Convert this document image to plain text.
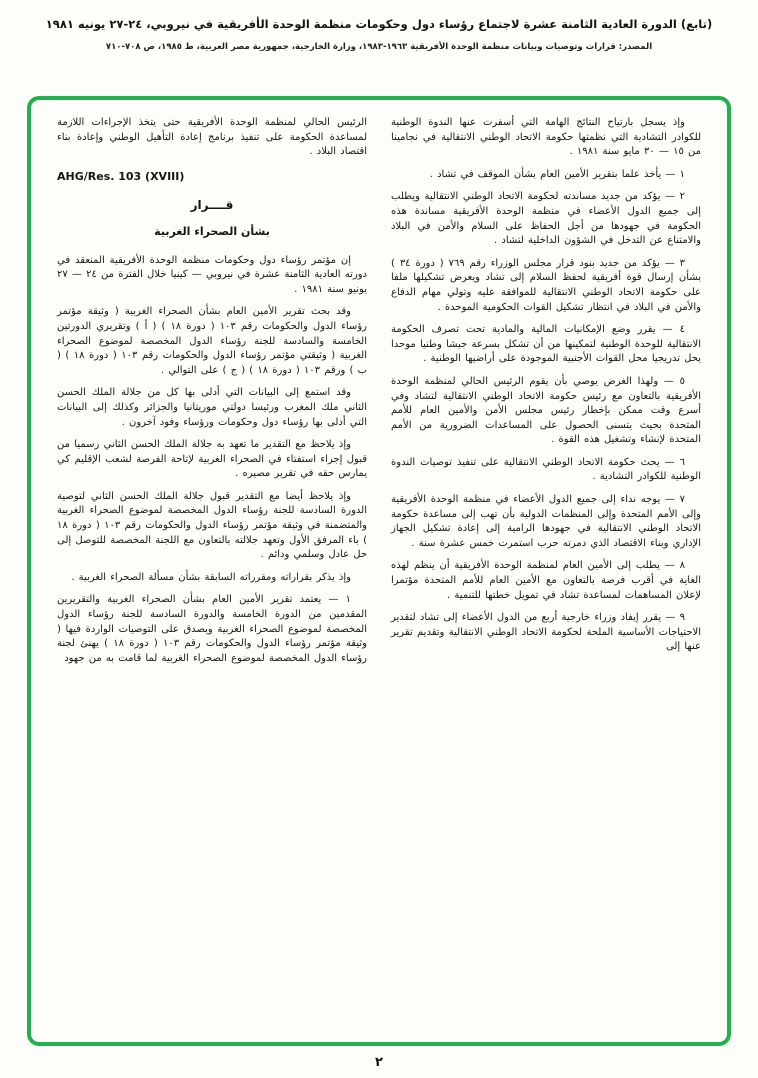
(تابع) الدورة العادية الثامنة عشرة لاجتماع رؤساء دول وحكومات منظمة الوحدة الأفريقية في نيروبي، ٢٤-٢٧ يونيه ١٩٨١
المصدر: قرارات وتوصيات وبيانات منظمة الوحدة الأفريقية ١٩٦٣-١٩٨٣، وزارة الخارجية، جمهورية مصر العربية، ط ١٩٨٥، ص ٧٠٨-٧١٠
وإذ يسجل بارتياح النتائج الهامة التي أسفرت عنها الندوة الوطنية للكوادر التشادية التي نظمتها حكومة الاتحاد الوطني الانتقالية في نجامينا من ١٥ — ٣٠ مايو سنة ١٩٨١ .
١ — يأخذ علما بتقرير الأمين العام بشأن الموقف في تشاد .
٢ — يؤكد من جديد مساندته لحكومة الاتحاد الوطني الانتقالية ويطلب إلى جميع الدول الأعضاء في منظمة الوحدة الأفريقية مساندة هذه الحكومة في جهودها من أجل الحفاظ على السلام والأمن في البلاد والامتناع عن التدخل في الشؤون الداخلية لتشاد .
٣ — يؤكد من جديد بنود قرار مجلس الوزراء رقم ٧٦٩ ( دورة ٣٤ ) بشأن إرسال قوة أفريقية لحفظ السلام إلى تشاد ويعرض تشكيلها ملفا على حكومة الاتحاد الوطني الانتقالية للموافقة عليه وتولي مهام الدفاع والأمن في البلاد في انتظار تشكيل القوات الحكومية الموحدة .
٤ — يقرر وضع الإمكانيات المالية والمادية تحت تصرف الحكومة الانتقالية للوحدة الوطنية لتمكينها من أن تشكل بسرعة جيشا وطنيا موحدا يحل تدريجيا محل القوات الأجنبية الموجودة على أراضيها الوطنية .
٥ — ولهذا الغرض يوصي بأن يقوم الرئيس الحالي لمنظمة الوحدة الأفريقية بالتعاون مع رئيس حكومة الاتحاد الوطني الانتقالية لتشاد وفي أسرع وقت ممكن بإخطار رئيس مجلس الأمن والأمين العام للأمم المتحدة بحيث يتسنى الحصول على المساعدات الضرورية من الأمم المتحدة لإنشاء وتشغيل هذه القوة .
٦ — يحث حكومة الاتحاد الوطني الانتقالية على تنفيذ توصيات الندوة الوطنية للكوادر التشادية .
٧ — يوجه نداء إلى جميع الدول الأعضاء في منظمة الوحدة الأفريقية وإلى الأمم المتحدة وإلى المنظمات الدولية بأن تهب إلى مساعدة حكومة الاتحاد الوطني الانتقالية في جهودها الرامية إلى إعادة تشكيل الجهاز الإداري وبناء الاقتصاد الذي دمرته حرب استمرت خمس عشرة سنة .
٨ — يطلب إلى الأمين العام لمنظمة الوحدة الأفريقية أن ينظم لهذه الغاية في أقرب فرصة بالتعاون مع الأمين العام للأمم المتحدة مؤتمرا لإعلان المساهمات لمساعدة تشاد في تمويل خطتها للتنمية .
٩ — يقرر إيفاد وزراء خارجية أربع من الدول الأعضاء إلى تشاد لتقدير الاحتياجات الأساسية الملحة لحكومة الاتحاد الوطني الانتقالية وتقديم تقرير عنها إلى
الرئيس الحالي لمنظمة الوحدة الأفريقية حتى يتخذ الإجراءات اللازمة لمساعدة الحكومة على تنفيذ برنامج إعادة التأهيل الوطني وإعادة بناء اقتصاد البلاد .
AHG/Res. 103 (XVIII)
قــــرار
بشأن الصحراء الغربية
إن مؤتمر رؤساء دول وحكومات منظمة الوحدة الأفريقية المنعقد في دورته العادية الثامنة عشرة في نيروبي — كينيا خلال الفترة من ٢٤ — ٢٧ يونيو سنة ١٩٨١ .
وقد بحث تقرير الأمين العام بشأن الصحراء الغربية ( وثيقة مؤتمر رؤساء الدول والحكومات رقم ١٠٣ ( دورة ١٨ ) ( أ ) وتقريري الدورتين الخامسة والسادسة للجنة رؤساء الدول المخصصة لموضوع الصحراء الغربية ( وثيقتي مؤتمر رؤساء الدول والحكومات رقم ١٠٣ ( دورة ١٨ ) ( ب ) ورقم ١٠٣ ( دورة ١٨ ) ( ج ) على التوالي .
وقد استمع إلى البيانات التي أدلى بها كل من جلالة الملك الحسن الثاني ملك المغرب ورئيسا دولتي موريتانيا والجزائر وكذلك إلى البيانات التي أدلى بها رؤساء دول وحكومات ورؤساء وفود آخرون .
وإذ يلاحظ مع التقدير ما تعهد به جلالة الملك الحسن الثاني رسميا من قبول إجراء استفتاء في الصحراء الغربية لإتاحة الفرصة لشعب الإقليم كي يمارس حقه في تقرير مصيره .
وإذ يلاحظ أيضا مع التقدير قبول جلالة الملك الحسن الثاني لتوصية الدورة السادسة للجنة رؤساء الدول المخصصة لموضوع الصحراء الغربية والمتضمنة في وثيقة مؤتمر رؤساء الدول والحكومات رقم ١٠٣ ( دورة ١٨ ) باء المرفق الأول وتعهد جلالته بالتعاون مع اللجنة المخصصة للتوصل إلى حل عادل وسلمي ودائم .
وإذ يذكر بقراراته ومقرراته السابقة بشأن مسألة الصحراء الغربية .
١ — يعتمد تقرير الأمين العام بشأن الصحراء الغربية والتقريرين المقدمين من الدورة الخامسة والدورة السادسة للجنة رؤساء الدول المخصصة لموضوع الصحراء الغربية ويصدق على التوصيات الواردة فيها ( وثيقة مؤتمر رؤساء الدول والحكومات رقم ١٠٣ ( دورة ١٨ ) يهنئ لجنة رؤساء الدول المخصصة لموضوع الصحراء الغربية لما قامت به من جهود
٢
